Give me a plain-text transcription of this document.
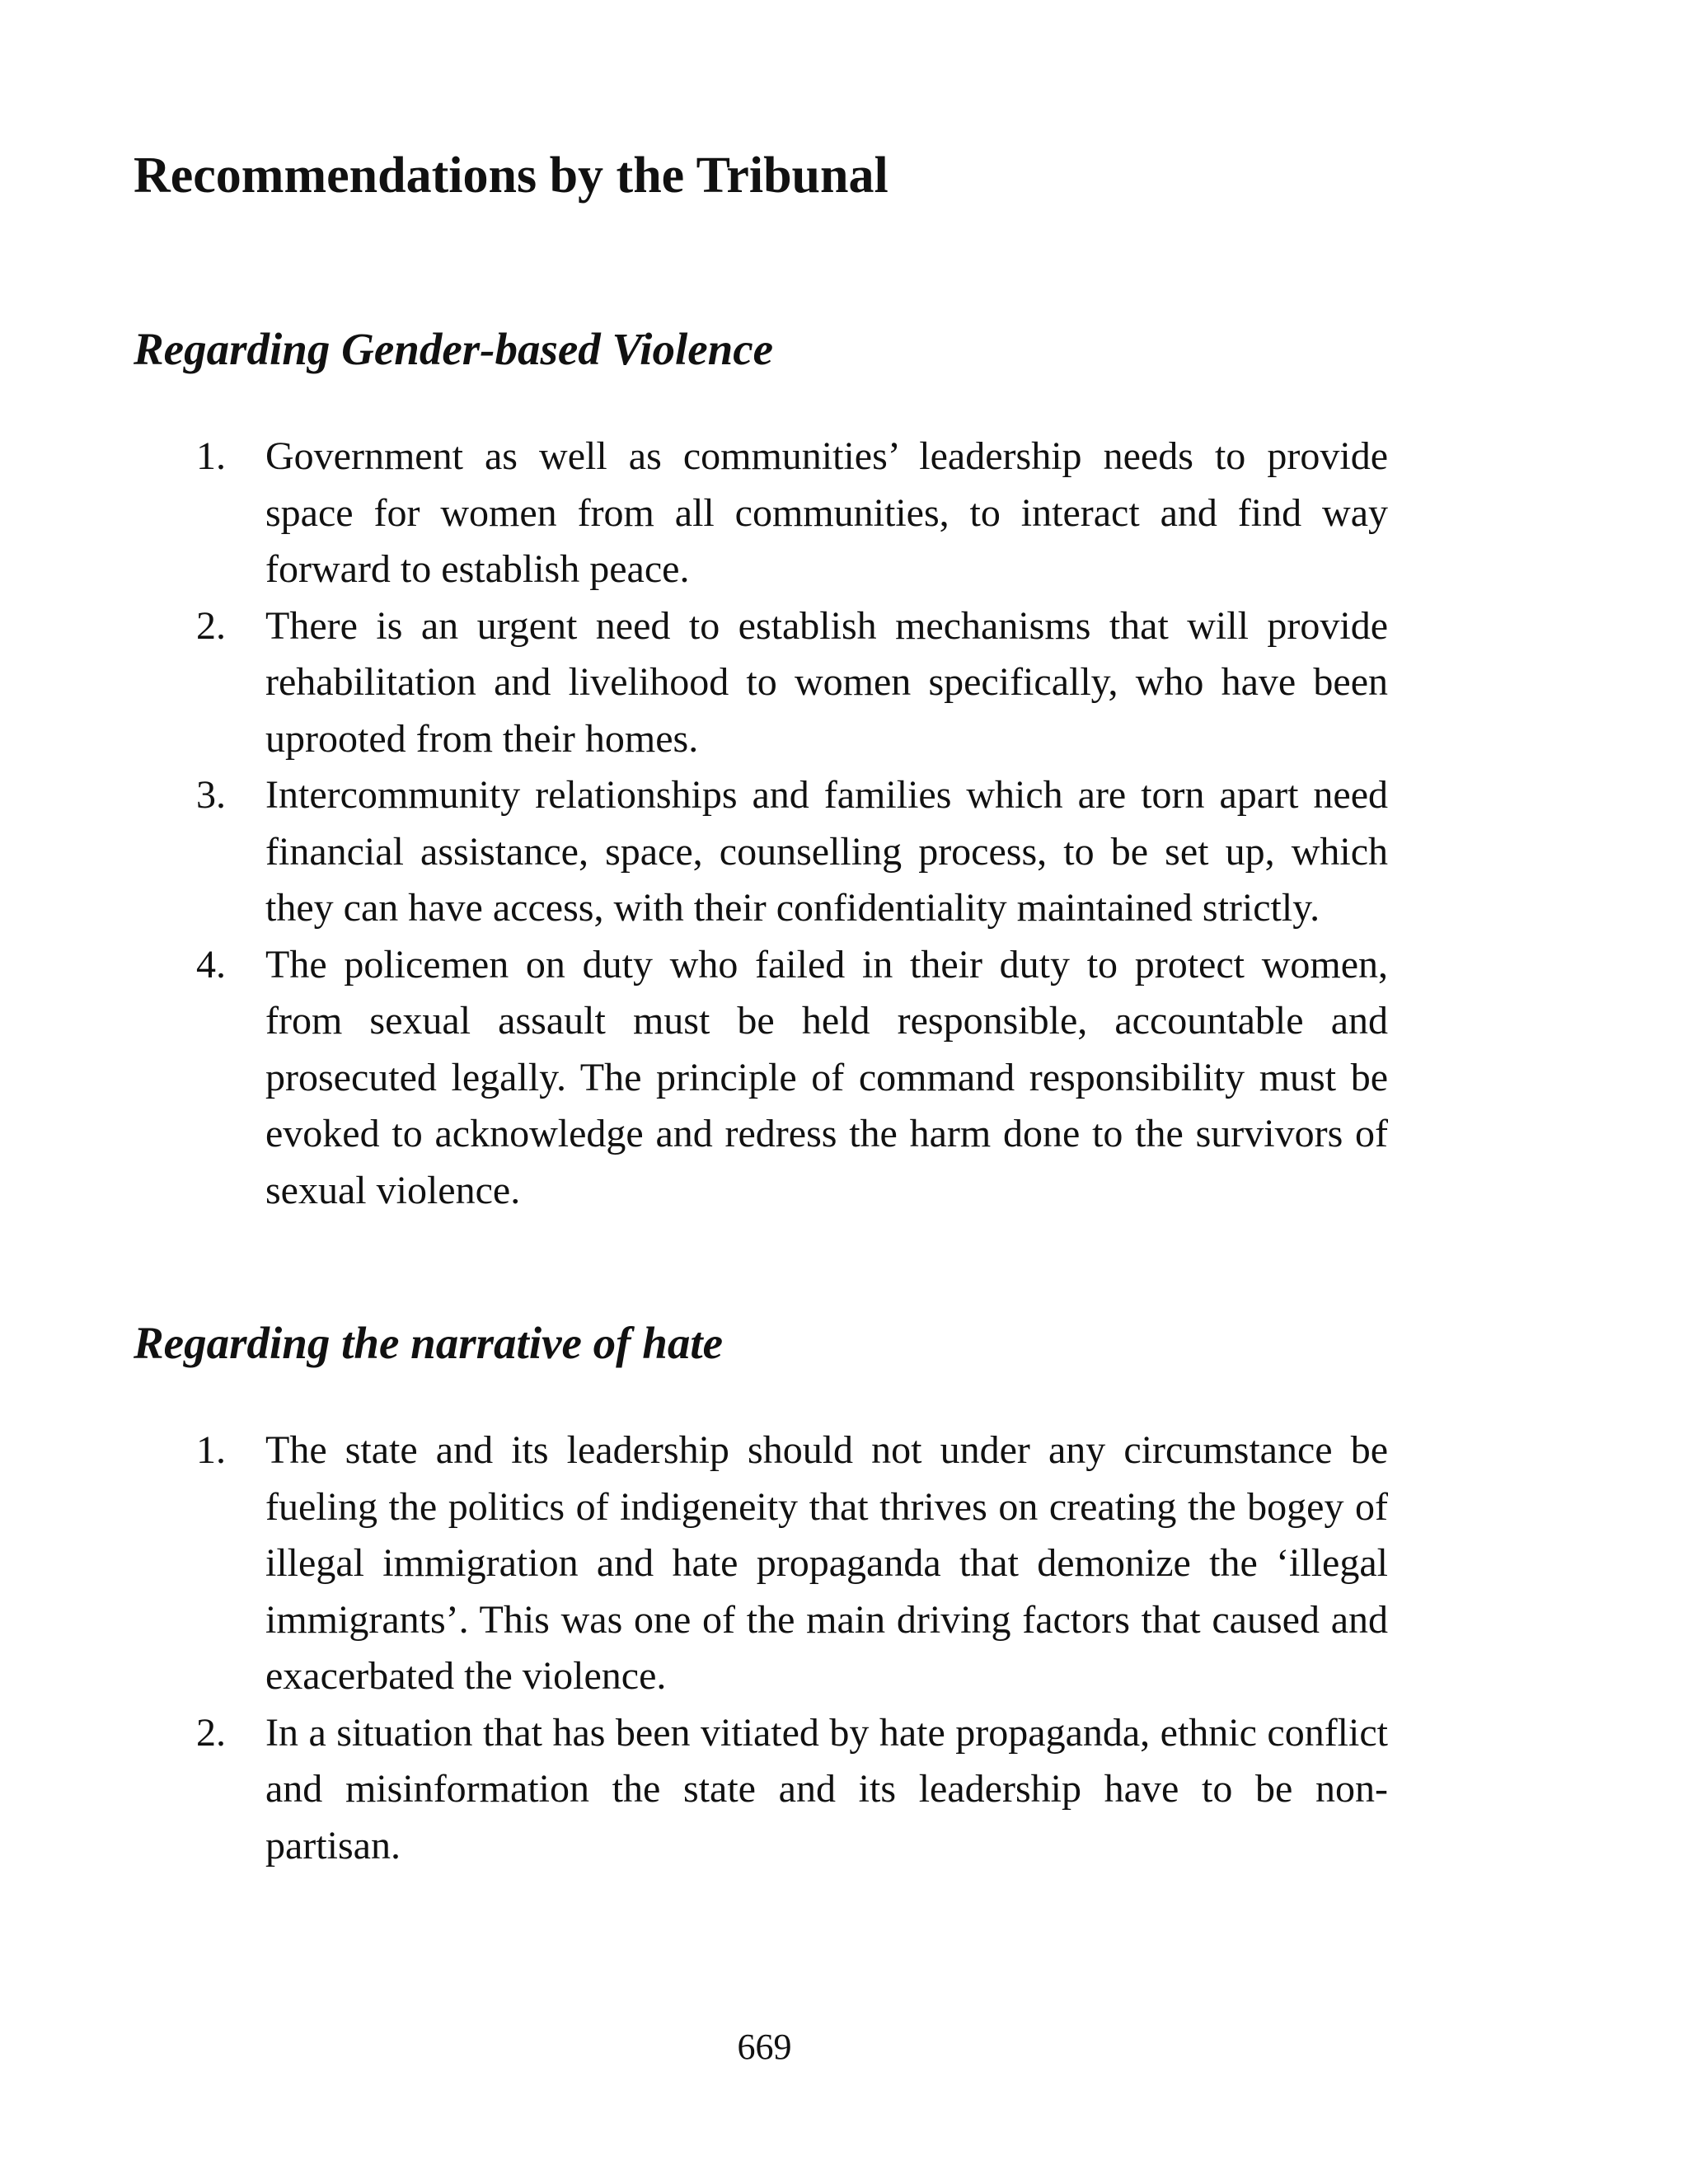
Recommendations by the Tribunal
Regarding Gender-based Violence
1. Government as well as communities’ leadership needs to provide space for women from all communities, to interact and find way forward to establish peace.
2. There is an urgent need to establish mechanisms that will provide rehabilitation and livelihood to women specifically, who have been uprooted from their homes.
3. Intercommunity relationships and families which are torn apart need financial assistance, space, counselling process, to be set up, which they can have access, with their confidentiality maintained strictly.
4. The policemen on duty who failed in their duty to protect women, from sexual assault must be held responsible, accountable and prosecuted legally. The principle of command responsibility must be evoked to acknowledge and redress the harm done to the survivors of sexual violence.
Regarding the narrative of hate
1. The state and its leadership should not under any circumstance be fueling the politics of indigeneity that thrives on creating the bogey of illegal immigration and hate propaganda that demonize the ‘illegal immigrants’. This was one of the main driving factors that caused and exacerbated the violence.
2. In a situation that has been vitiated by hate propaganda, ethnic conflict and misinformation the state and its leadership have to be non-partisan.
669
